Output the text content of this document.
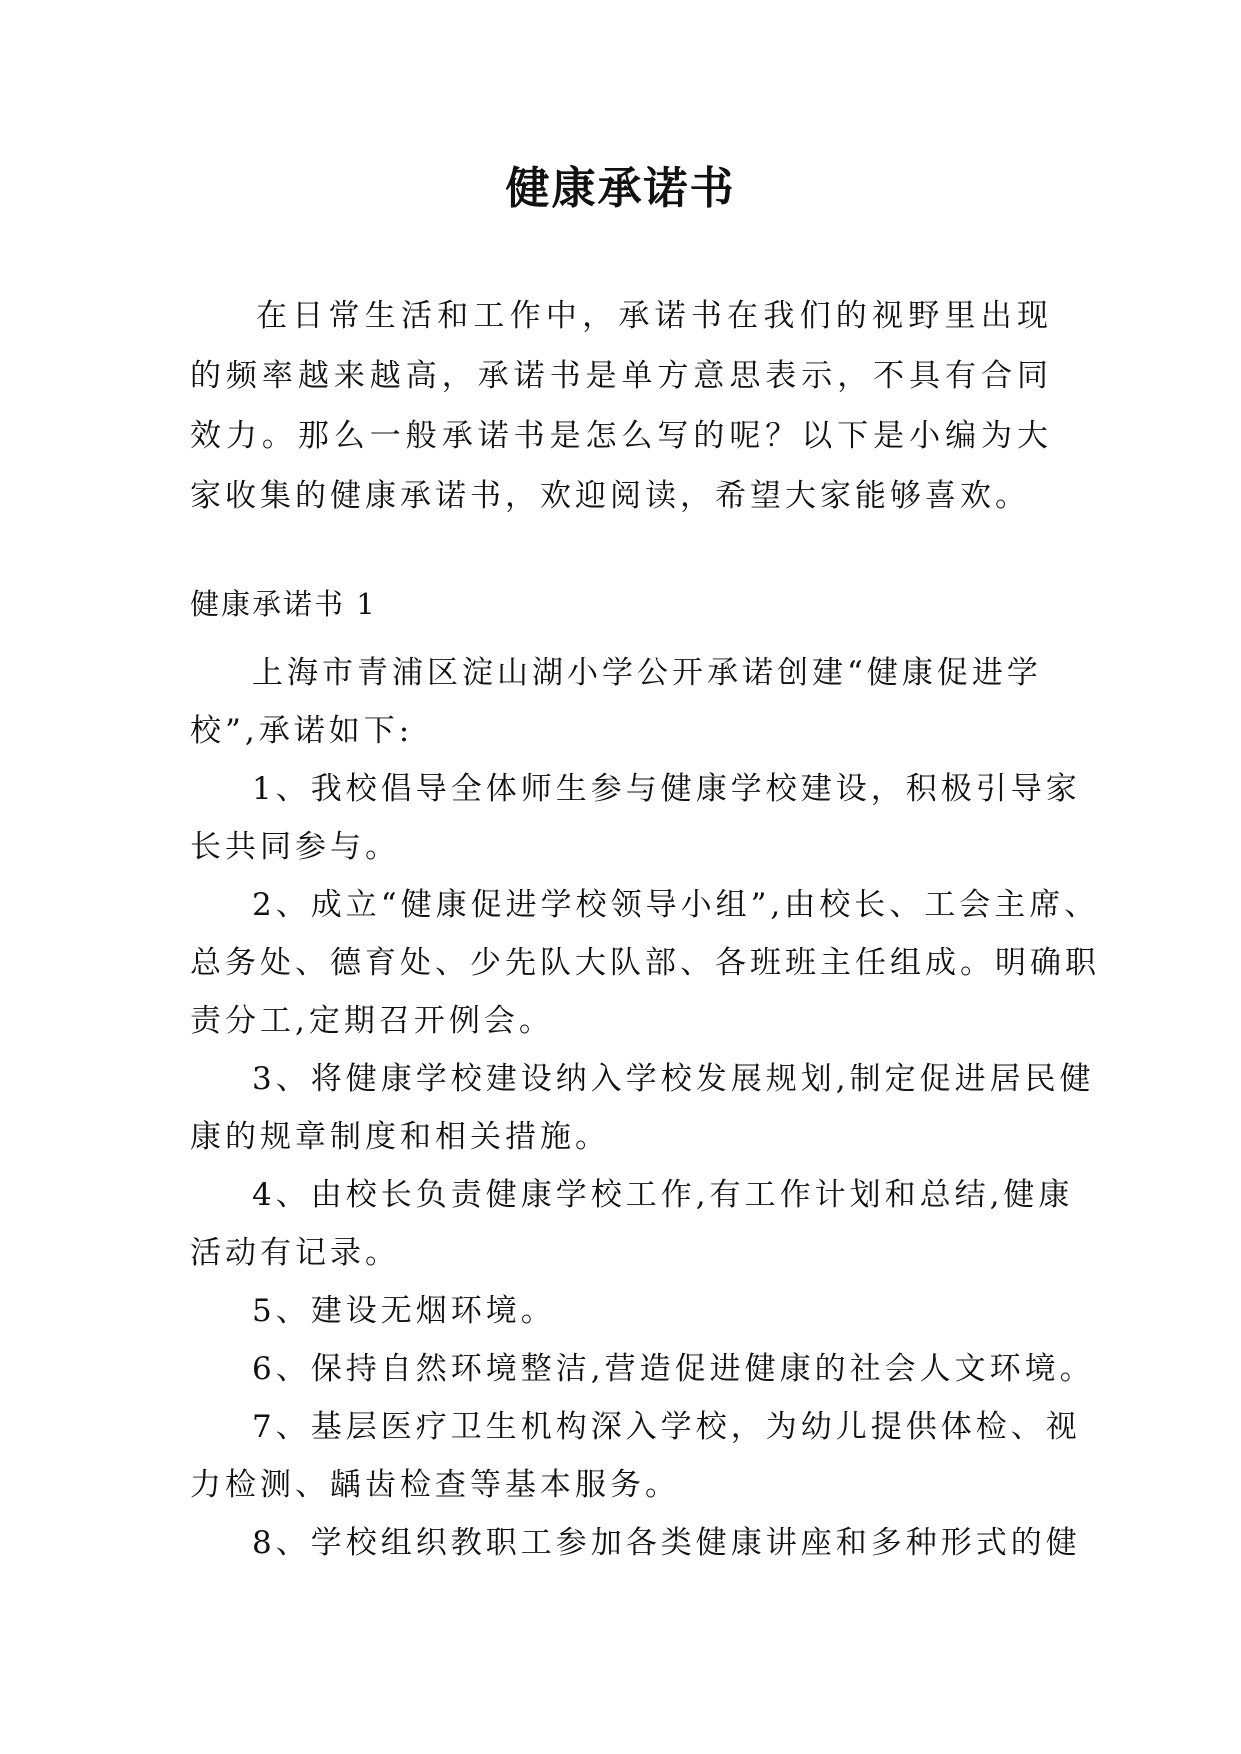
健康承诺书

在日常生活和工作中，承诺书在我们的视野里出现的频率越来越高，承诺书是单方意思表示，不具有合同效力。那么一般承诺书是怎么写的呢？以下是小编为大家收集的健康承诺书，欢迎阅读，希望大家能够喜欢。

健康承诺书 1

上海市青浦区淀山湖小学公开承诺创建“健康促进学
校”,承诺如下:
1、我校倡导全体师生参与健康学校建设，积极引导家
长共同参与。
2、成立“健康促进学校领导小组”,由校长、工会主席、
总务处、德育处、少先队大队部、各班班主任组成。明确职
责分工,定期召开例会。
3、将健康学校建设纳入学校发展规划,制定促进居民健
康的规章制度和相关措施。
4、由校长负责健康学校工作,有工作计划和总结,健康
活动有记录。
5、建设无烟环境。
6、保持自然环境整洁,营造促进健康的社会人文环境。
7、基层医疗卫生机构深入学校，为幼儿提供体检、视
力检测、龋齿检查等基本服务。
8、学校组织教职工参加各类健康讲座和多种形式的健
